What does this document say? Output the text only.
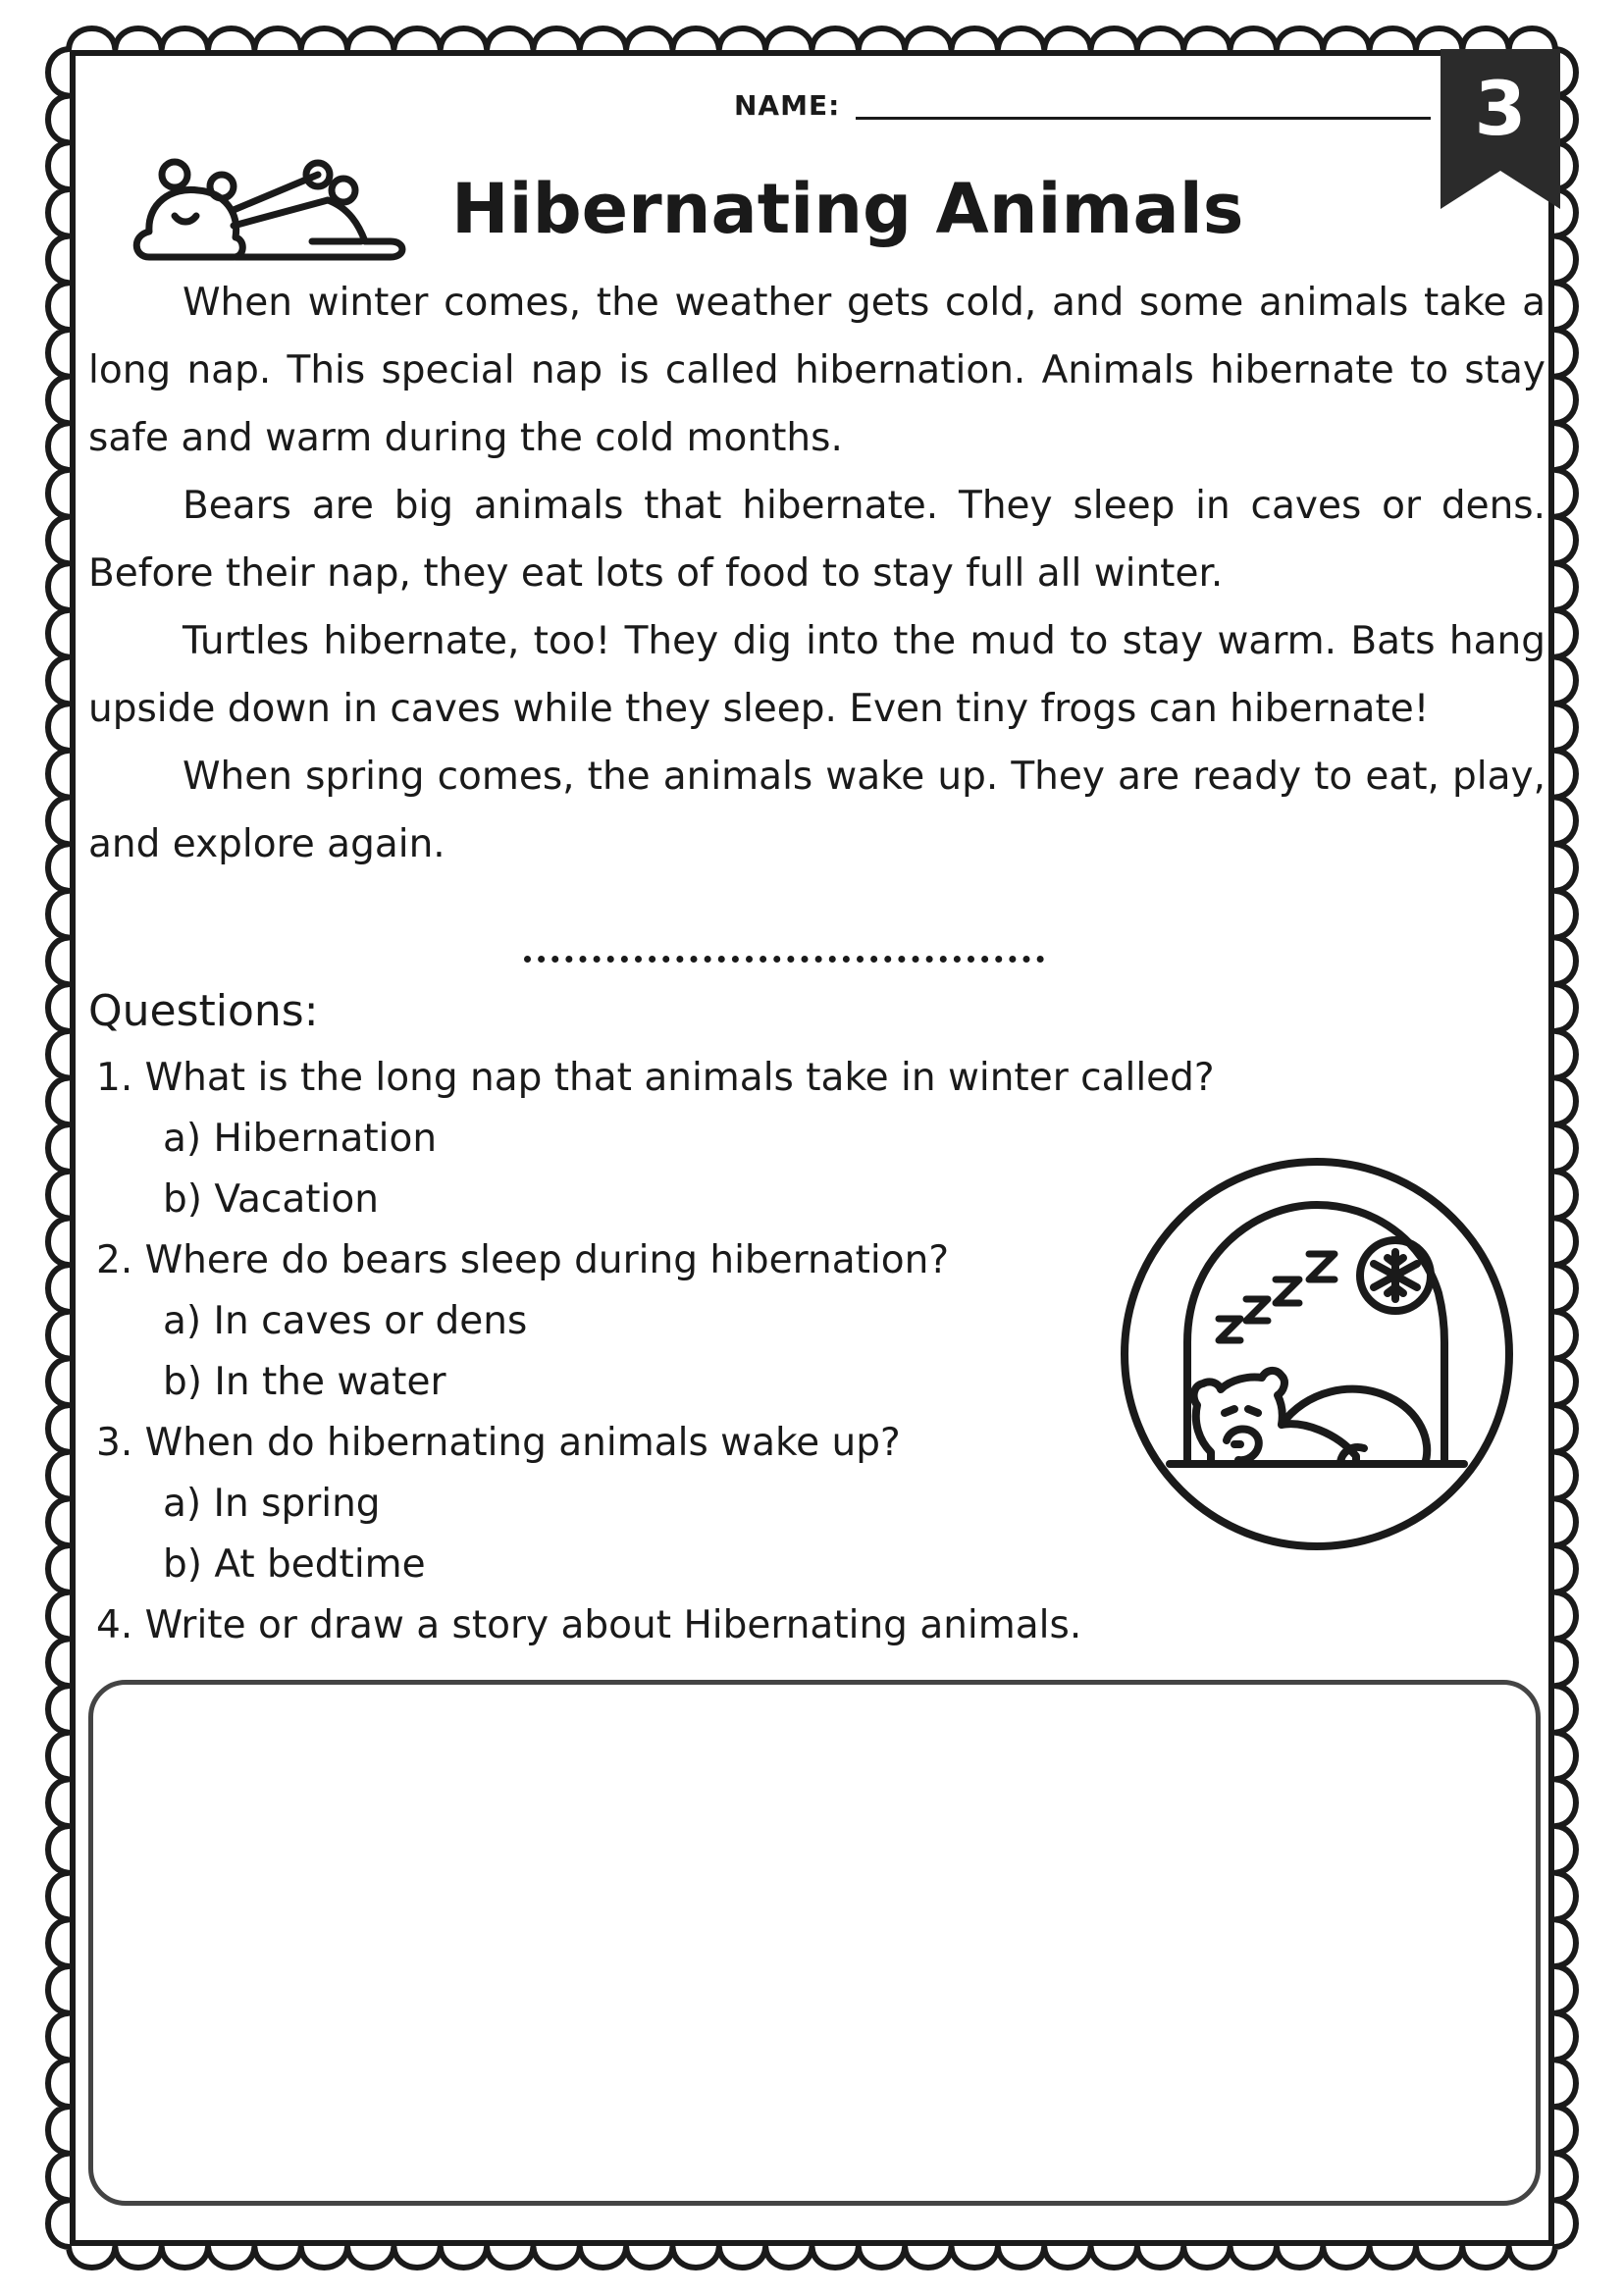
NAME:	3
Hibernating Animals

When winter comes, the weather gets cold, and some animals take a long nap. This special nap is called hibernation. Animals hibernate to stay safe and warm during the cold months.

Bears are big animals that hibernate. They sleep in caves or dens. Before their nap, they eat lots of food to stay full all winter.

Turtles hibernate, too! They dig into the mud to stay warm. Bats hang upside down in caves while they sleep. Even tiny frogs can hibernate!

When spring comes, the animals wake up. They are ready to eat, play, and explore again.

Questions:
1. What is the long nap that animals take in winter called?
a) Hibernation
b) Vacation
2. Where do bears sleep during hibernation?
a) In caves or dens
b) In the water
3. When do hibernating animals wake up?
a) In spring
b) At bedtime
4. Write or draw a story about Hibernating animals.
